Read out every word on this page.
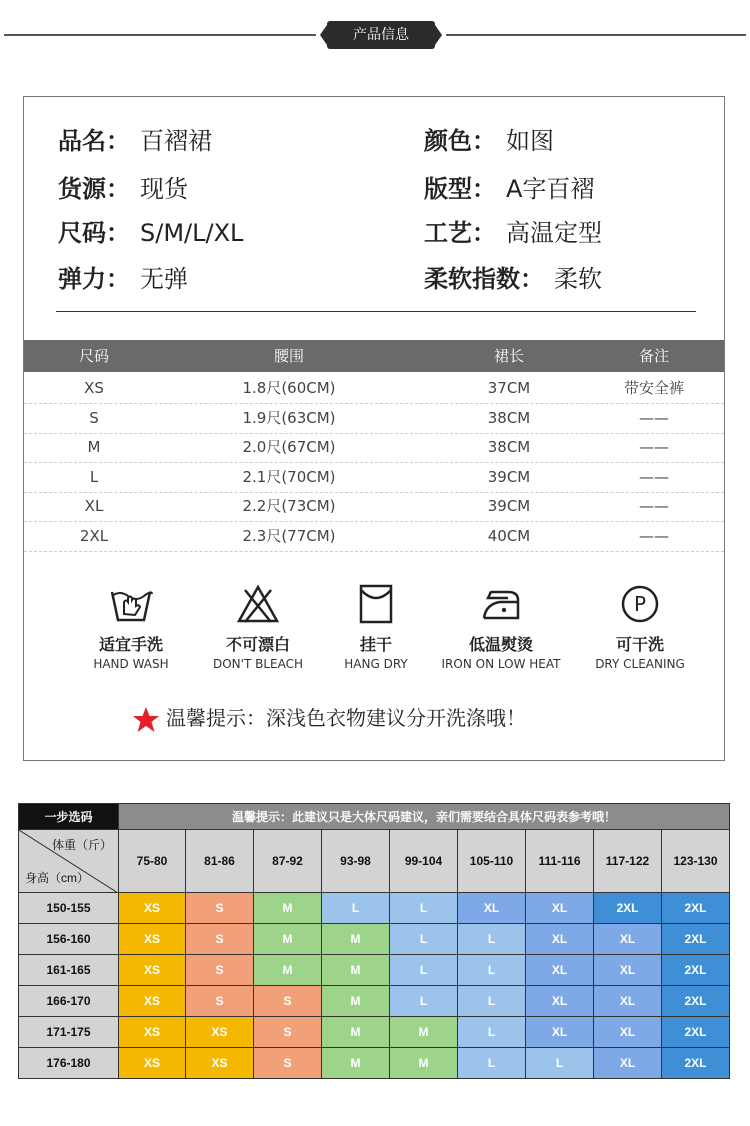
产品信息
品名： 百褶裙	颜色： 如图
货源： 现货	版型： A字百褶
尺码： S/M/L/XL	工艺： 高温定型
弹力： 无弹	柔软指数： 柔软
尺码	腰围	裙长	备注
XS	1.8尺(60CM)	37CM	带安全裤
S	1.9尺(63CM)	38CM	——
M	2.0尺(67CM)	38CM	——
L	2.1尺(70CM)	39CM	——
XL	2.2尺(73CM)	39CM	——
2XL	2.3尺(77CM)	40CM	——
适宜手洗
HAND WASH
不可漂白
DON'T BLEACH
挂干
HANG DRY
低温熨烫
IRON ON LOW HEAT
P
可干洗
DRY CLEANING
温馨提示：深浅色衣物建议分开洗涤哦！
一步选码	温馨提示：此建议只是大体尺码建议，亲们需要结合具体尺码表参考哦！								

体重（斤）
身高（cm）	75-80	81-86	87-92	93-98	99-104	105-110	111-116	117-122	123-130
150-155	XS	S	M	L	L	XL	XL	2XL	2XL
156-160	XS	S	M	M	L	L	XL	XL	2XL
161-165	XS	S	M	M	L	L	XL	XL	2XL
166-170	XS	S	S	M	L	L	XL	XL	2XL
171-175	XS	XS	S	M	M	L	XL	XL	2XL
176-180	XS	XS	S	M	M	L	L	XL	2XL
